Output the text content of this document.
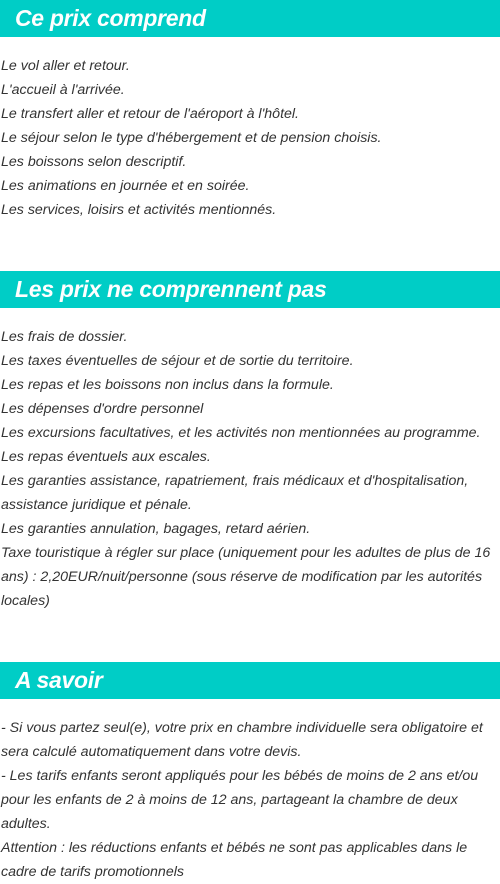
Ce prix comprend

Le vol aller et retour.

L'accueil à l'arrivée.

Le transfert aller et retour de l'aéroport à l'hôtel.

Le séjour selon le type d'hébergement et de pension choisis.

Les boissons selon descriptif.

Les animations en journée et en soirée.

Les services, loisirs et activités mentionnés.

Les prix ne comprennent pas

Les frais de dossier.

Les taxes éventuelles de séjour et de sortie du territoire.

Les repas et les boissons non inclus dans la formule.

Les dépenses d'ordre personnel

Les excursions facultatives, et les activités non mentionnées au programme.

Les repas éventuels aux escales.

Les garanties assistance, rapatriement, frais médicaux et d'hospitalisation, assistance juridique et pénale.

Les garanties annulation, bagages, retard aérien.

Taxe touristique à régler sur place (uniquement pour les adultes de plus de 16 ans) : 2,20EUR/nuit/personne (sous réserve de modification par les autorités locales)

A savoir

- Si vous partez seul(e), votre prix en chambre individuelle sera obligatoire et sera calculé automatiquement dans votre devis.

- Les tarifs enfants seront appliqués pour les bébés de moins de 2 ans et/ou pour les enfants de 2 à moins de 12 ans, partageant la chambre de deux adultes.

Attention : les réductions enfants et bébés ne sont pas applicables dans le cadre de tarifs promotionnels
